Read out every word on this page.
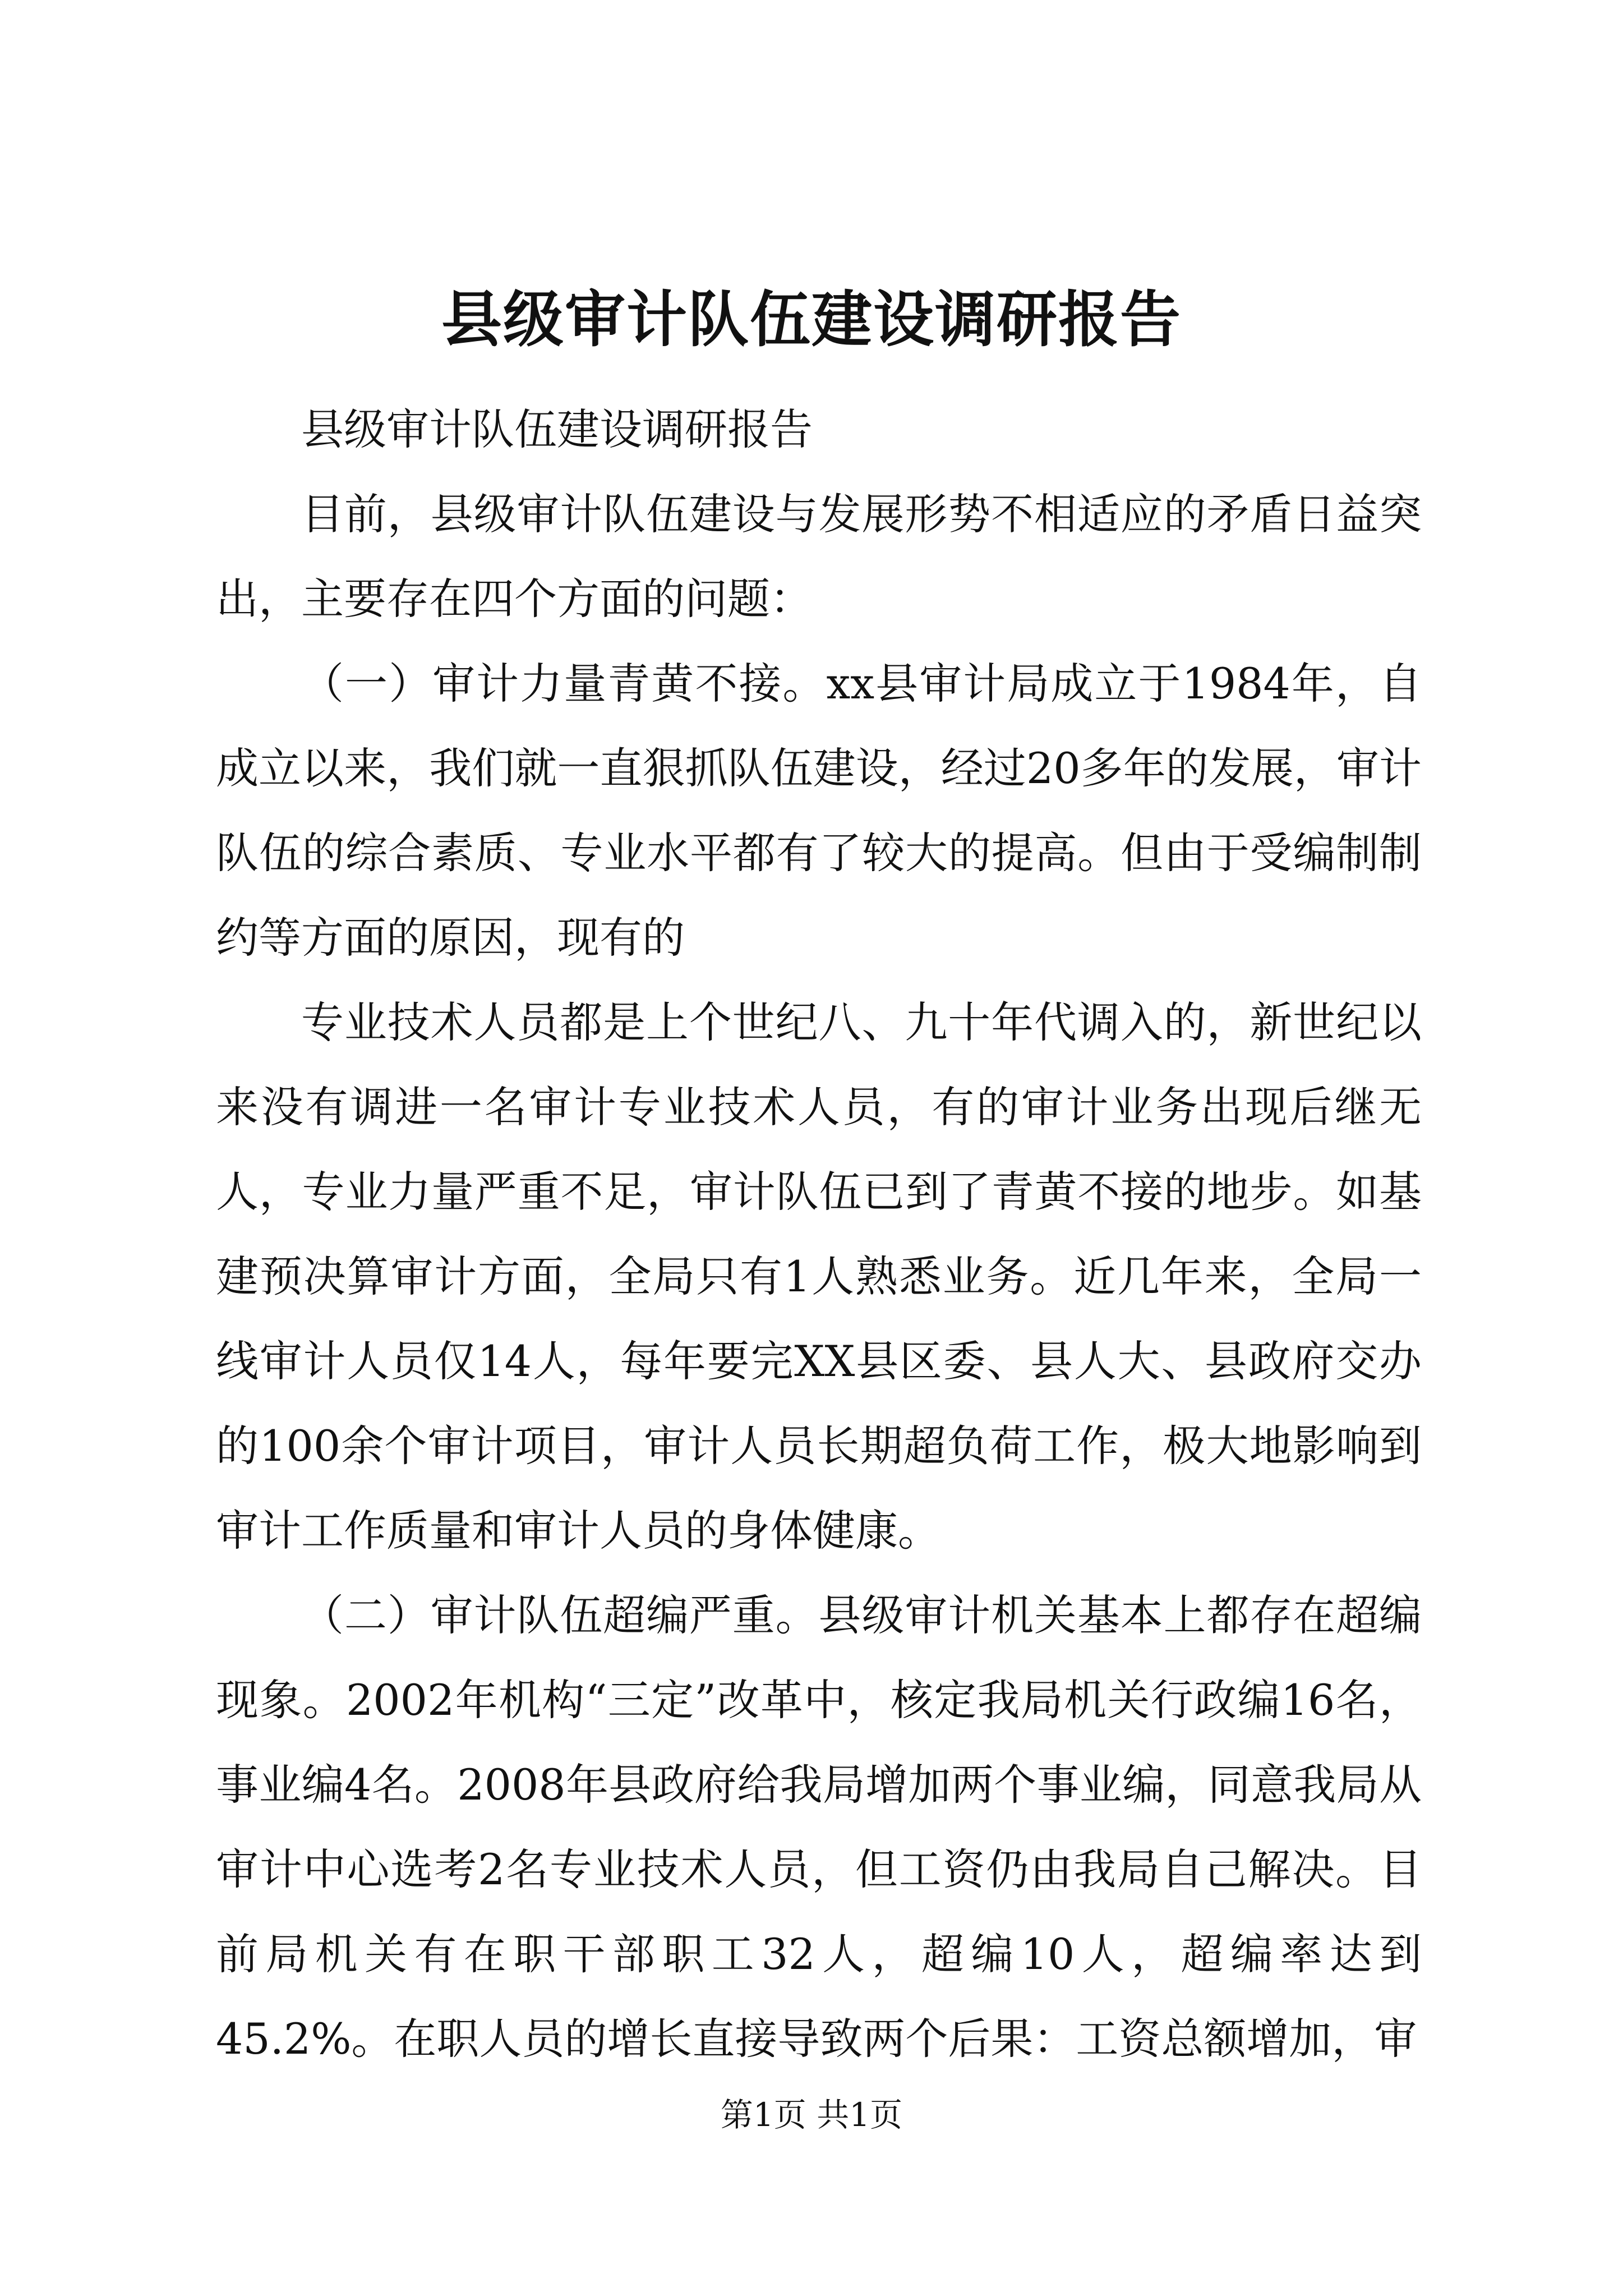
县级审计队伍建设调研报告

县级审计队伍建设调研报告

目前，县级审计队伍建设与发展形势不相适应的矛盾日益突出，主要存在四个方面的问题：

（一）审计力量青黄不接。xx县审计局成立于1984年，自成立以来，我们就一直狠抓队伍建设，经过20多年的发展，审计队伍的综合素质、专业水平都有了较大的提高。但由于受编制制约等方面的原因，现有的

专业技术人员都是上个世纪八、九十年代调入的，新世纪以来没有调进一名审计专业技术人员，有的审计业务出现后继无人，专业力量严重不足，审计队伍已到了青黄不接的地步。如基建预决算审计方面，全局只有1人熟悉业务。近几年来，全局一线审计人员仅14人，每年要完XX县区委、县人大、县政府交办的100余个审计项目，审计人员长期超负荷工作，极大地影响到审计工作质量和审计人员的身体健康。

（二）审计队伍超编严重。县级审计机关基本上都存在超编现象。2002年机构“三定”改革中，核定我局机关行政编16名，事业编4名。2008年县政府给我局增加两个事业编，同意我局从审计中心选考2名专业技术人员，但工资仍由我局自己解决。目前局机关有在职干部职工32人，超编10人，超编率达到45.2%。在职人员的增长直接导致两个后果：工资总额增加，审

第1页 共1页
